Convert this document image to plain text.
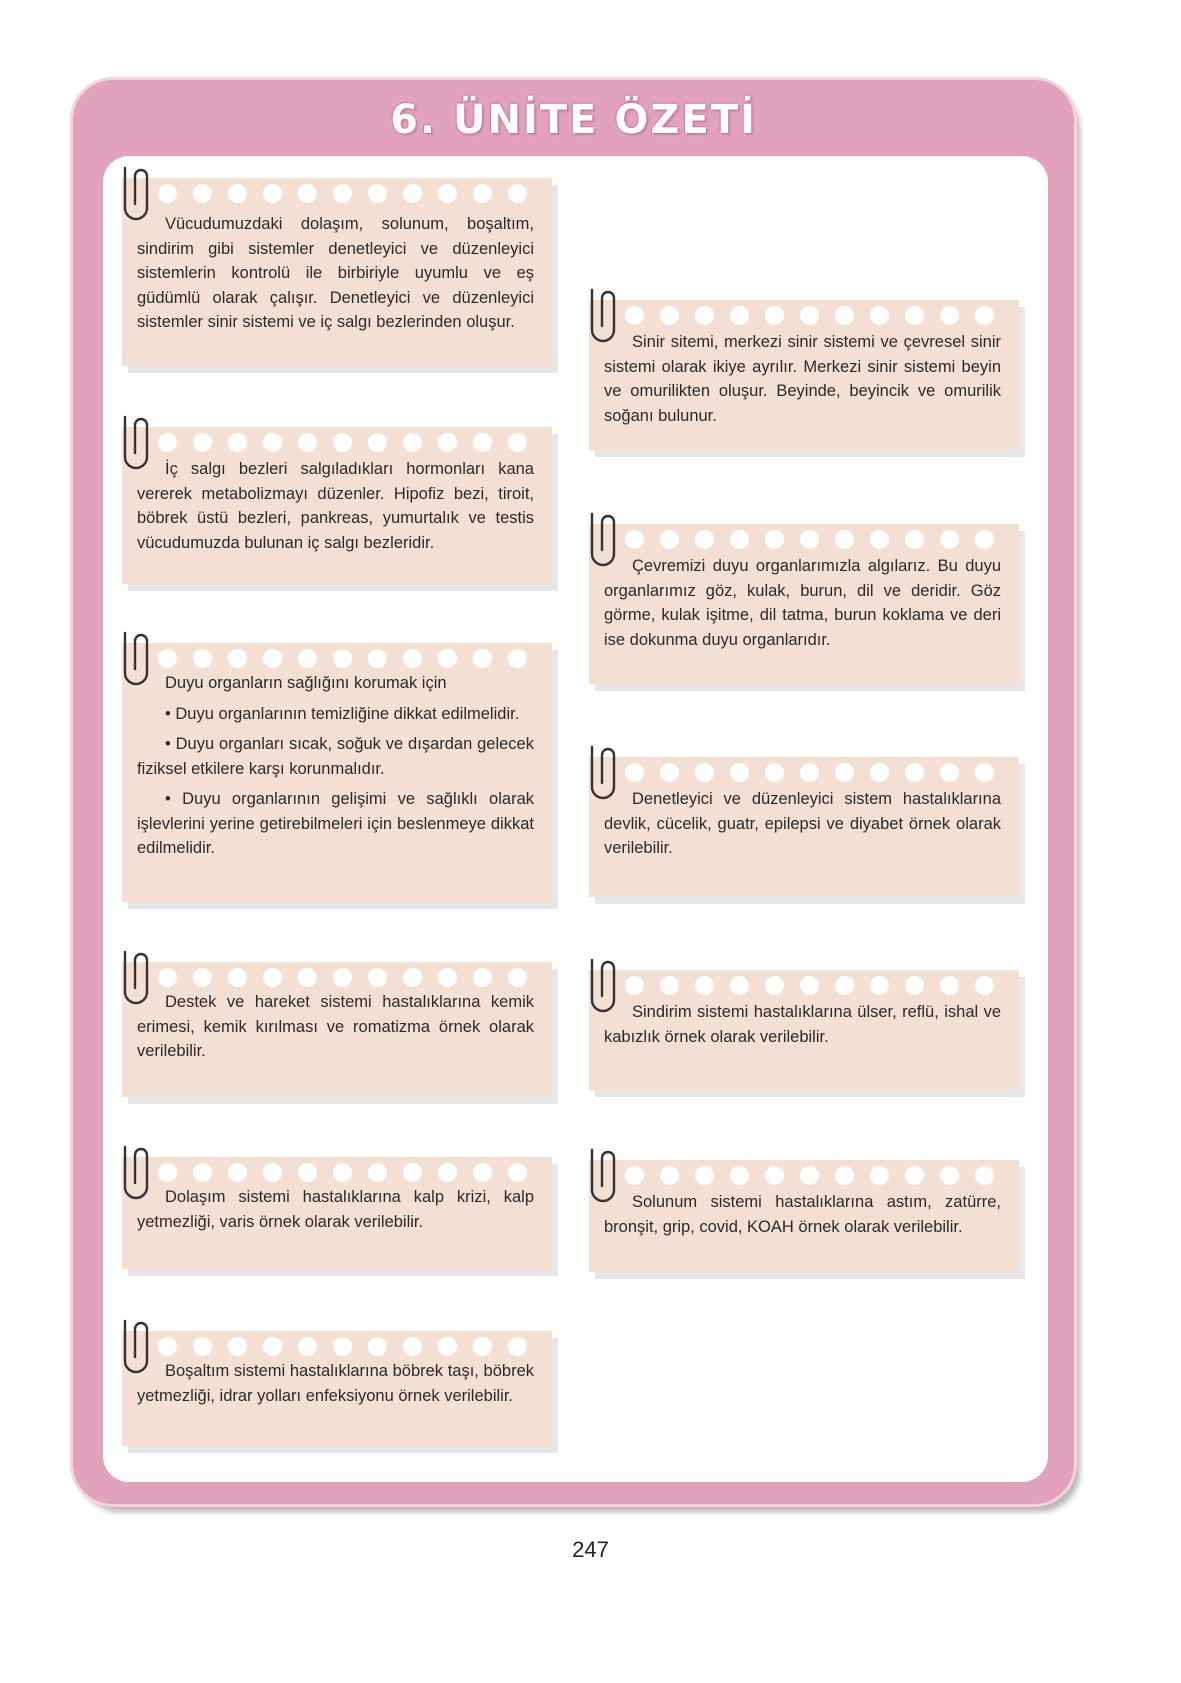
6. ÜNİTE ÖZETİ

Vücudumuzdaki dolaşım, solunum, boşaltım, sindirim gibi sistemler denetleyici ve düzenleyici sistemlerin kontrolü ile birbiriyle uyumlu ve eş güdümlü olarak çalışır. Denetleyici ve düzenleyici sistemler sinir sistemi ve iç salgı bezlerinden oluşur.

İç salgı bezleri salgıladıkları hormonları kana vererek metabolizmayı düzenler. Hipofiz bezi, tiroit, böbrek üstü bezleri, pankreas, yumurtalık ve testis vücudumuzda bulunan iç salgı bezleridir.

Duyu organların sağlığını korumak için

• Duyu organlarının temizliğine dikkat edilmelidir.

• Duyu organları sıcak, soğuk ve dışardan gelecek fiziksel etkilere karşı korunmalıdır.

• Duyu organlarının gelişimi ve sağlıklı olarak işlevlerini yerine getirebilmeleri için beslenmeye dikkat edilmelidir.

Destek ve hareket sistemi hastalıklarına kemik erimesi, kemik kırılması ve romatizma örnek olarak verilebilir.

Dolaşım sistemi hastalıklarına kalp krizi, kalp yetmezliği, varis örnek olarak verilebilir.

Boşaltım sistemi hastalıklarına böbrek taşı, böbrek yetmezliği, idrar yolları enfeksiyonu örnek verilebilir.

Sinir sitemi, merkezi sinir sistemi ve çevresel sinir sistemi olarak ikiye ayrılır. Merkezi sinir sistemi beyin ve omurilikten oluşur. Beyinde, beyincik ve omurilik soğanı bulunur.

Çevremizi duyu organlarımızla algılarız. Bu duyu organlarımız göz, kulak, burun, dil ve deridir. Göz görme, kulak işitme, dil tatma, burun koklama ve deri ise dokunma duyu organlarıdır.

Denetleyici ve düzenleyici sistem hastalıklarına devlik, cücelik, guatr, epilepsi ve diyabet örnek olarak verilebilir.

Sindirim sistemi hastalıklarına ülser, reflü, ishal ve kabızlık örnek olarak verilebilir.

Solunum sistemi hastalıklarına astım, zatürre, bronşit, grip, covid, KOAH örnek olarak verilebilir.

247
